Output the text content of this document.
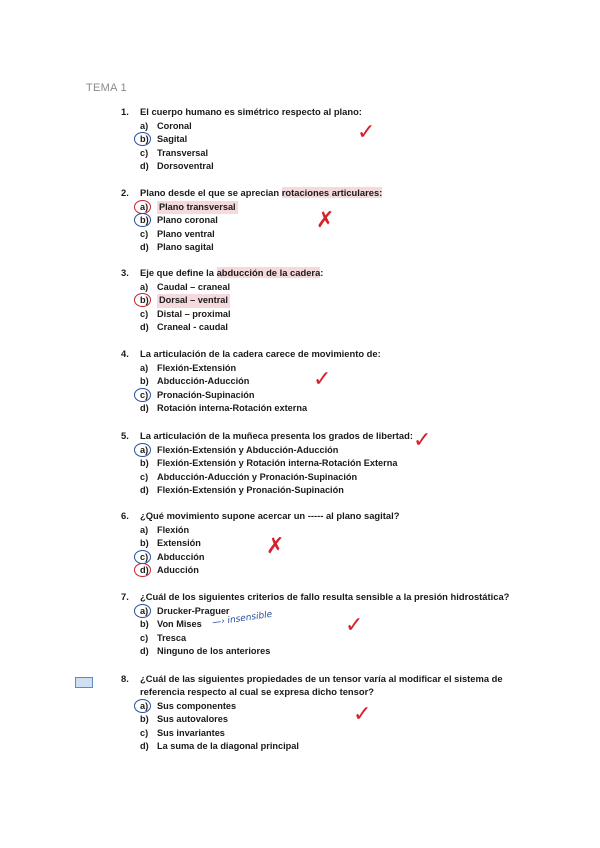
TEMA 1
1.	El cuerpo humano es simétrico respecto al plano:
a) Coronal
b) Sagital
c) Transversal
d) Dorsoventral
✓
2.	Plano desde el que se aprecian rotaciones articulares:
a)	Plano transversal
b) Plano coronal
c) Plano ventral
d) Plano sagital
✗
3.	Eje que define la abducción de la cadera:
a) Caudal – craneal
b)	Dorsal – ventral
c) Distal – proximal
d) Craneal - caudal
4.	La articulación de la cadera carece de movimiento de:
a) Flexión-Extensión
b) Abducción-Aducción
c) Pronación-Supinación
d) Rotación interna-Rotación externa
✓
5.	La articulación de la muñeca presenta los grados de libertad:
a) Flexión-Extensión y Abducción-Aducción
b) Flexión-Extensión y Rotación interna-Rotación Externa
c) Abducción-Aducción y Pronación-Supinación
d) Flexión-Extensión y Pronación-Supinación
✓
6.	¿Qué movimiento supone acercar un ----- al plano sagital?
a) Flexión
b) Extensión
c) Abducción
d) Aducción
✗
7.	¿Cuál de los siguientes criterios de fallo resulta sensible a la presión hidrostática?
a) Drucker-Praguer
b) Von Mises
c) Tresca
d) Ninguno de los anteriores
—› insensible	✓
8.	¿Cuál de las siguientes propiedades de un tensor varía al modificar el sistema de referencia respecto al cual se expresa dicho tensor?
a) Sus componentes
b) Sus autovalores
c) Sus invariantes
d) La suma de la diagonal principal
✓
